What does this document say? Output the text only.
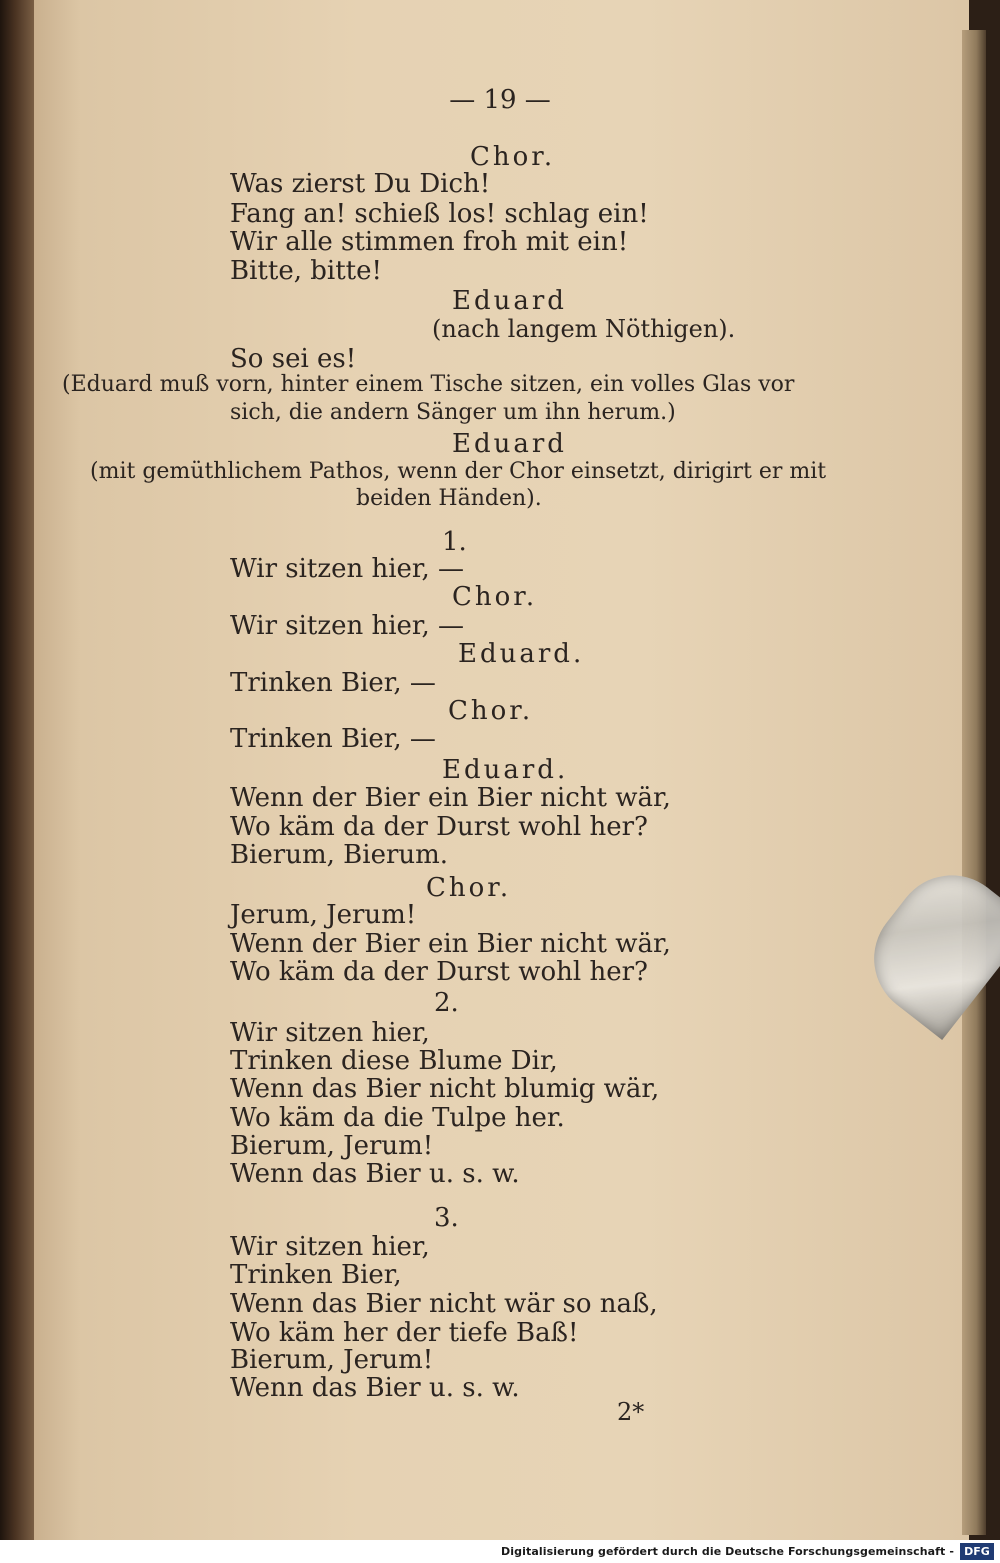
— 19 —
Chor.
Was zierst Du Dich!
Fang an! schieß los! schlag ein!
Wir alle stimmen froh mit ein!
Bitte, bitte!
Eduard
(nach langem Nöthigen).
So sei es!
(Eduard muß vorn, hinter einem Tische sitzen, ein volles Glas vor
sich, die andern Sänger um ihn herum.)
Eduard
(mit gemüthlichem Pathos, wenn der Chor einsetzt, dirigirt er mit
beiden Händen).
1.
Wir sitzen hier, —
Chor.
Wir sitzen hier, —
Eduard.
Trinken Bier, —
Chor.
Trinken Bier, —
Eduard.
Wenn der Bier ein Bier nicht wär,
Wo käm da der Durst wohl her?
Bierum, Bierum.
Chor.
Jerum, Jerum!
Wenn der Bier ein Bier nicht wär,
Wo käm da der Durst wohl her?
2.
Wir sitzen hier,
Trinken diese Blume Dir,
Wenn das Bier nicht blumig wär,
Wo käm da die Tulpe her.
Bierum, Jerum!
Wenn das Bier u. s. w.
3.
Wir sitzen hier,
Trinken Bier,
Wenn das Bier nicht wär so naß,
Wo käm her der tiefe Baß!
Bierum, Jerum!
Wenn das Bier u. s. w.
2*
Digitalisierung gefördert durch die Deutsche Forschungsgemeinschaft - DFG
